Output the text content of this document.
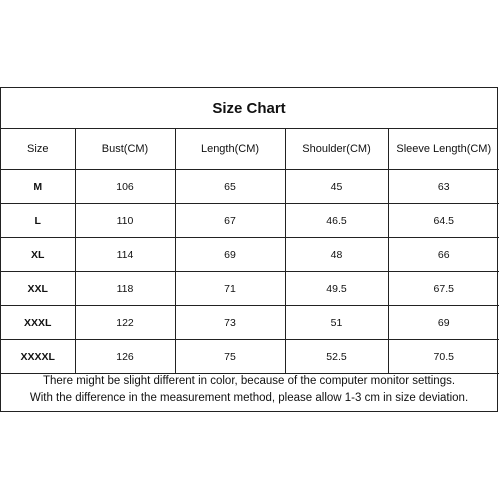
Size Chart
Size	Bust(CM)	Length(CM)	Shoulder(CM)	Sleeve Length(CM)
M	106	65	45	63
L	110	67	46.5	64.5
XL	114	69	48	66
XXL	118	71	49.5	67.5
XXXL	122	73	51	69
XXXXL	126	75	52.5	70.5
There might be slight different in color, because of the computer monitor settings.
With the difference in the measurement method, please allow 1-3 cm in size deviation.
